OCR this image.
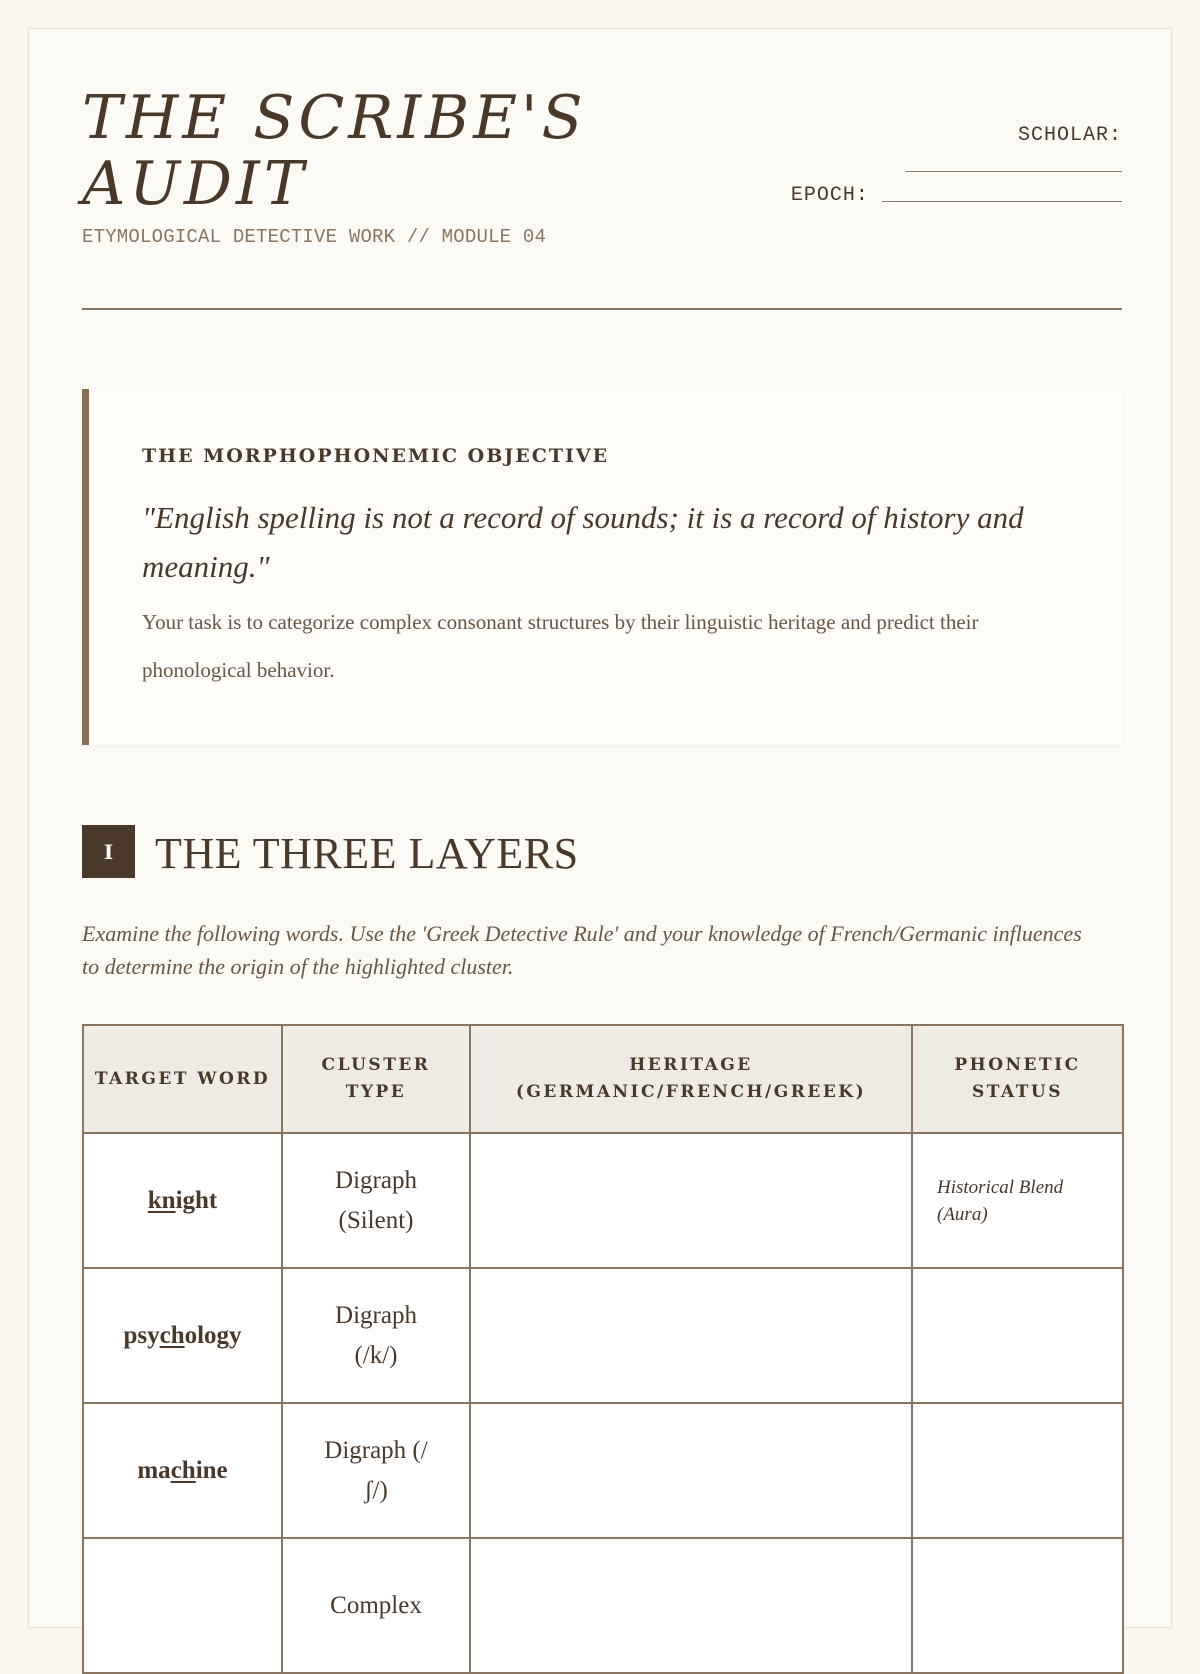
THE SCRIBE'S
AUDIT
ETYMOLOGICAL DETECTIVE WORK // MODULE 04
SCHOLAR:
__________________
EPOCH: ____________________
THE MORPHOPHONEMIC OBJECTIVE
"English spelling is not a record of sounds; it is a record of history and meaning."
Your task is to categorize complex consonant structures by their linguistic heritage and predict their phonological behavior.
I THE THREE LAYERS
Examine the following words. Use the 'Greek Detective Rule' and your knowledge of French/Germanic influences to determine the origin of the highlighted cluster.
TARGET WORD	CLUSTER TYPE	HERITAGE (GERMANIC/FRENCH/GREEK)	PHONETIC STATUS
knight	Digraph (Silent)		Historical Blend (Aura)
psychology	Digraph (/k/)		
machine	Digraph (/ʃ/)		
	Complex		
